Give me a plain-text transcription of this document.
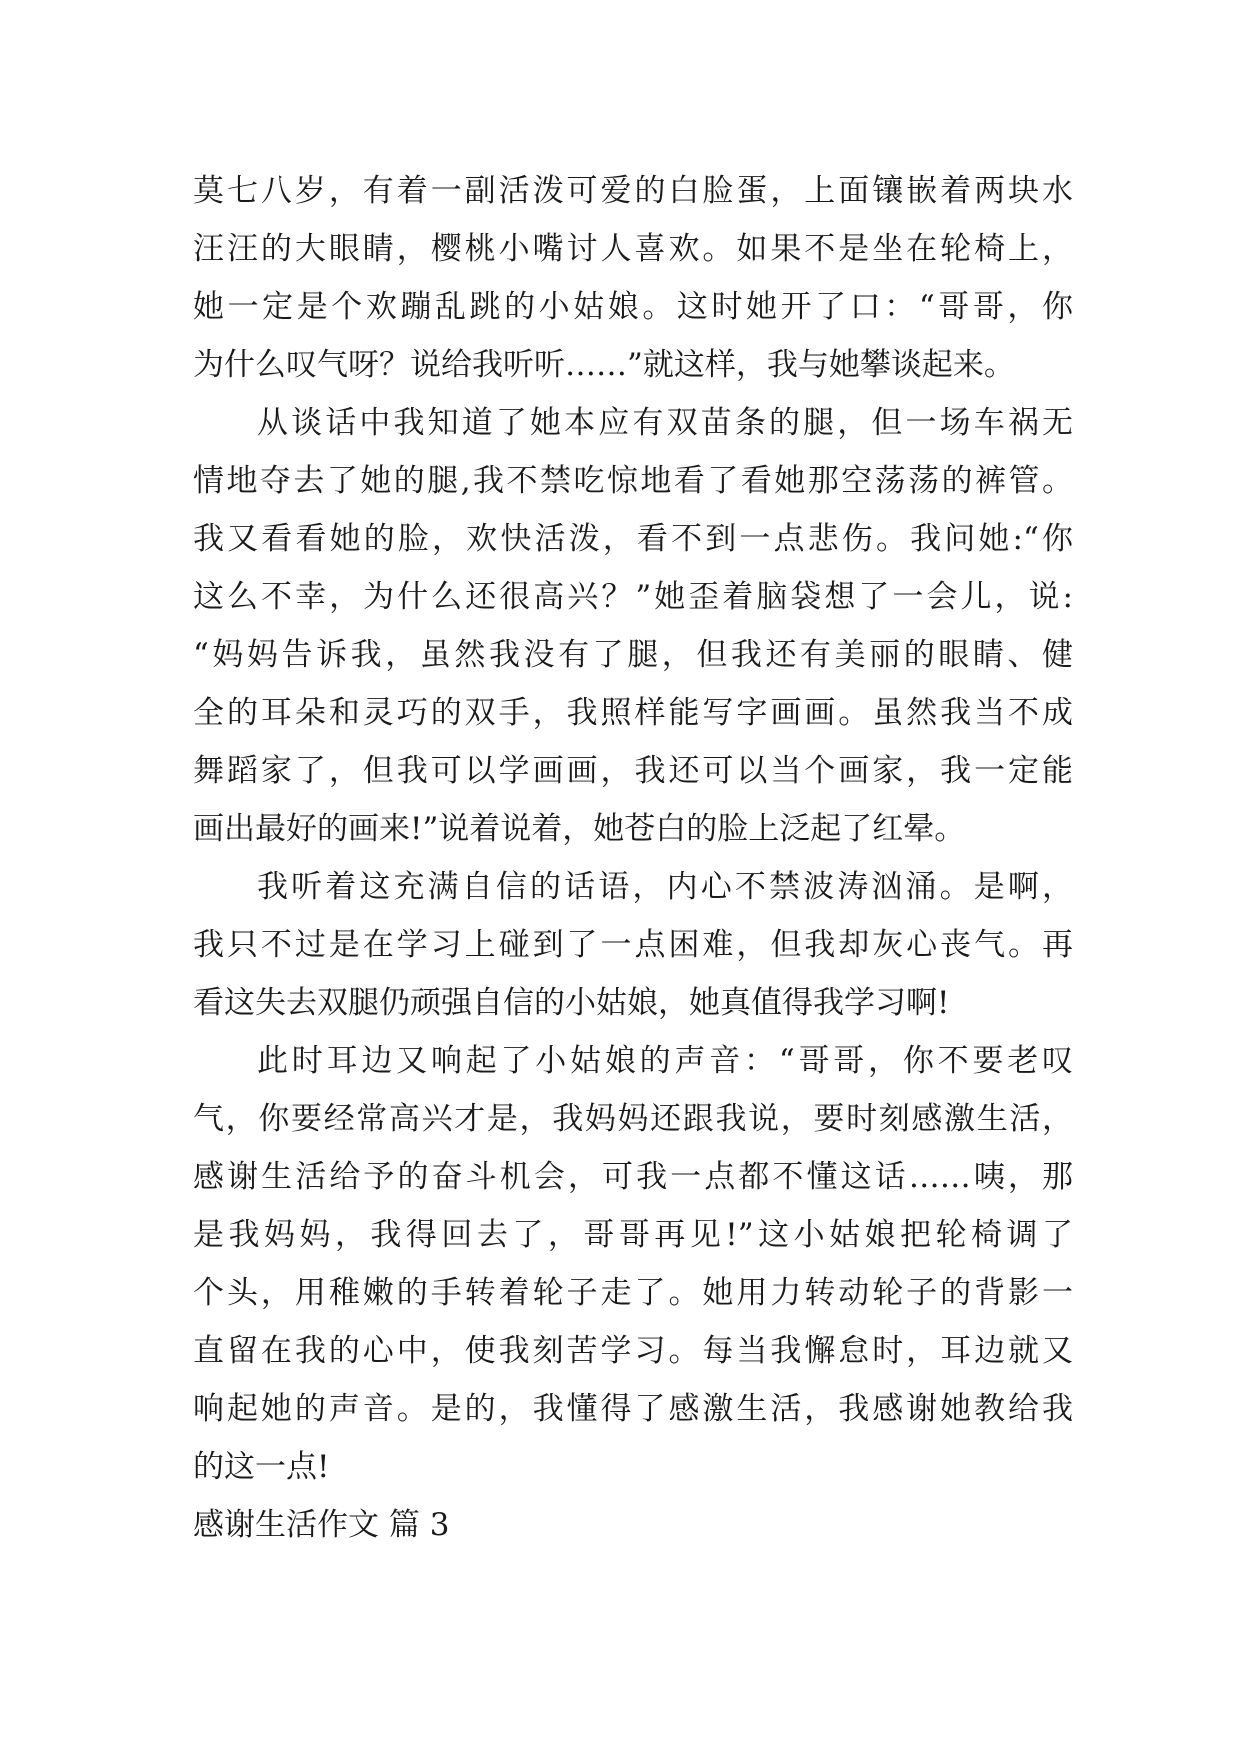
莫七八岁，有着一副活泼可爱的白脸蛋，上面镶嵌着两块水
汪汪的大眼睛，樱桃小嘴讨人喜欢。如果不是坐在轮椅上，
她一定是个欢蹦乱跳的小姑娘。这时她开了口：“哥哥，你
为什么叹气呀？说给我听听……”就这样，我与她攀谈起来。
从谈话中我知道了她本应有双苗条的腿，但一场车祸无
情地夺去了她的腿,我不禁吃惊地看了看她那空荡荡的裤管。
我又看看她的脸，欢快活泼，看不到一点悲伤。我问她:“你
这么不幸，为什么还很高兴？”她歪着脑袋想了一会儿，说:
“妈妈告诉我，虽然我没有了腿，但我还有美丽的眼睛、健
全的耳朵和灵巧的双手，我照样能写字画画。虽然我当不成
舞蹈家了，但我可以学画画，我还可以当个画家，我一定能
画出最好的画来!”说着说着，她苍白的脸上泛起了红晕。
我听着这充满自信的话语，内心不禁波涛汹涌。是啊，
我只不过是在学习上碰到了一点困难，但我却灰心丧气。再
看这失去双腿仍顽强自信的小姑娘，她真值得我学习啊!
此时耳边又响起了小姑娘的声音：“哥哥，你不要老叹
气，你要经常高兴才是，我妈妈还跟我说，要时刻感激生活，
感谢生活给予的奋斗机会，可我一点都不懂这话……咦，那
是我妈妈，我得回去了，哥哥再见!”这小姑娘把轮椅调了
个头，用稚嫩的手转着轮子走了。她用力转动轮子的背影一
直留在我的心中，使我刻苦学习。每当我懈怠时，耳边就又
响起她的声音。是的，我懂得了感激生活，我感谢她教给我
的这一点!
感谢生活作文 篇 3
